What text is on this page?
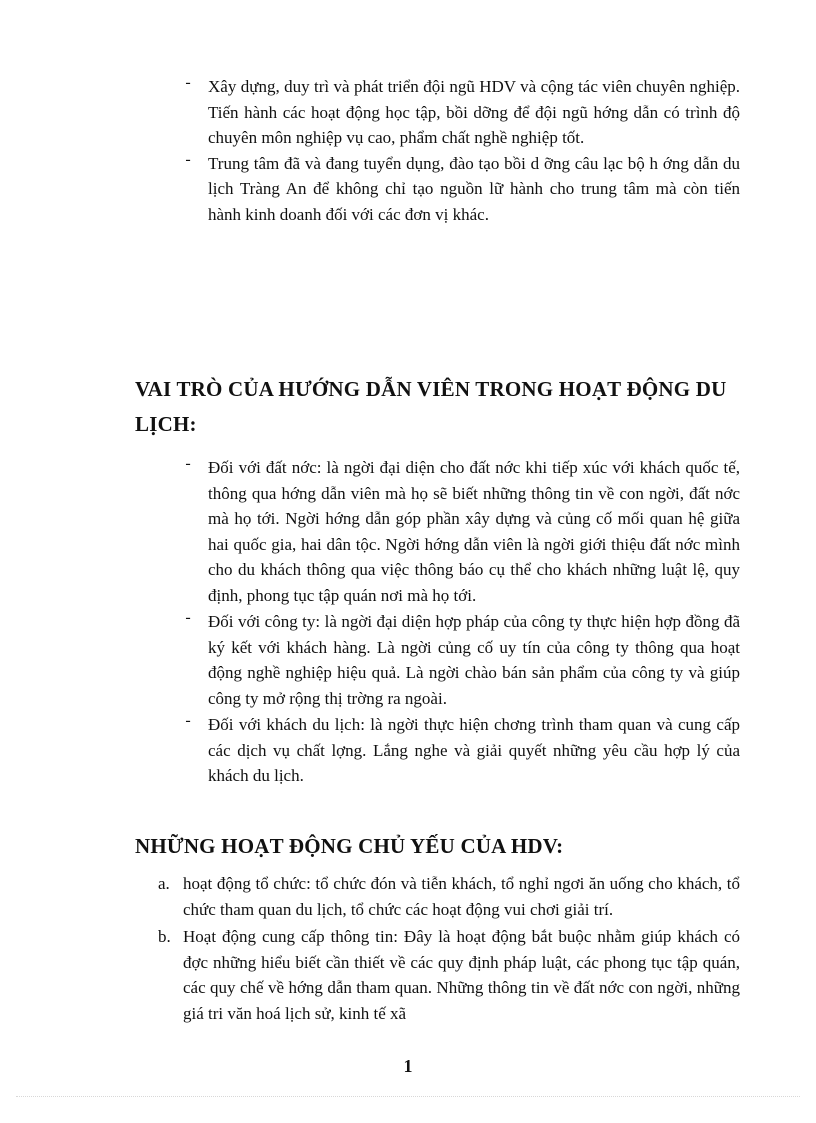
- Xây dựng, duy trì và phát triển đội ngũ HDV và cộng tác viên chuyên nghiệp. Tiến hành các hoạt động học tập, bồi dỡng để đội ngũ hớng dẫn có trình độ chuyên môn nghiệp vụ cao, phẩm chất nghề nghiệp tốt.

- Trung tâm đã và đang tuyển dụng, đào tạo bồi d ỡng câu lạc bộ h ớng dẫn du lịch Tràng An để không chỉ tạo nguồn lữ hành cho trung tâm mà còn tiến hành kinh doanh đối với các đơn vị khác.

VAI TRÒ CỦA HƯỚNG DẪN VIÊN TRONG HOẠT ĐỘNG DU LỊCH:
- Đối với đất nớc: là ngời đại diện cho đất nớc khi tiếp xúc với khách quốc tế, thông qua hớng dẫn viên mà họ sẽ biết những thông tin về con ngời, đất nớc mà họ tới. Ngời hớng dẫn góp phần xây dựng và củng cố mối quan hệ giữa hai quốc gia, hai dân tộc. Ngời hớng dẫn viên là ngời giới thiệu đất nớc mình cho du khách thông qua việc thông báo cụ thể cho khách những luật lệ, quy định, phong tục tập quán nơi mà họ tới.

- Đối với công ty: là ngời đại diện hợp pháp của công ty thực hiện hợp đồng đã ký kết với khách hàng. Là ngời củng cố uy tín của công ty thông qua hoạt động nghề nghiệp hiệu quả. Là ngời chào bán sản phẩm của công ty và giúp công ty mở rộng thị trờng ra ngoài.

- Đối với khách du lịch: là ngời thực hiện chơng trình tham quan và cung cấp các dịch vụ chất lợng. Lắng nghe và giải quyết những yêu cầu hợp lý của khách du lịch.

NHỮNG HOẠT ĐỘNG CHỦ YẾU CỦA HDV:
a. hoạt động tổ chức: tổ chức đón và tiễn khách, tổ nghỉ ngơi ăn uống cho khách, tổ chức tham quan du lịch, tổ chức các hoạt động vui chơi giải trí.

b. Hoạt động cung cấp thông tin: Đây là hoạt động bắt buộc nhằm giúp khách có đợc những hiểu biết cần thiết về các quy định pháp luật, các phong tục tập quán, các quy chế về hớng dẫn tham quan. Những thông tin về đất nớc con ngời, những giá tri văn hoá lịch sử, kinh tế xã

1
